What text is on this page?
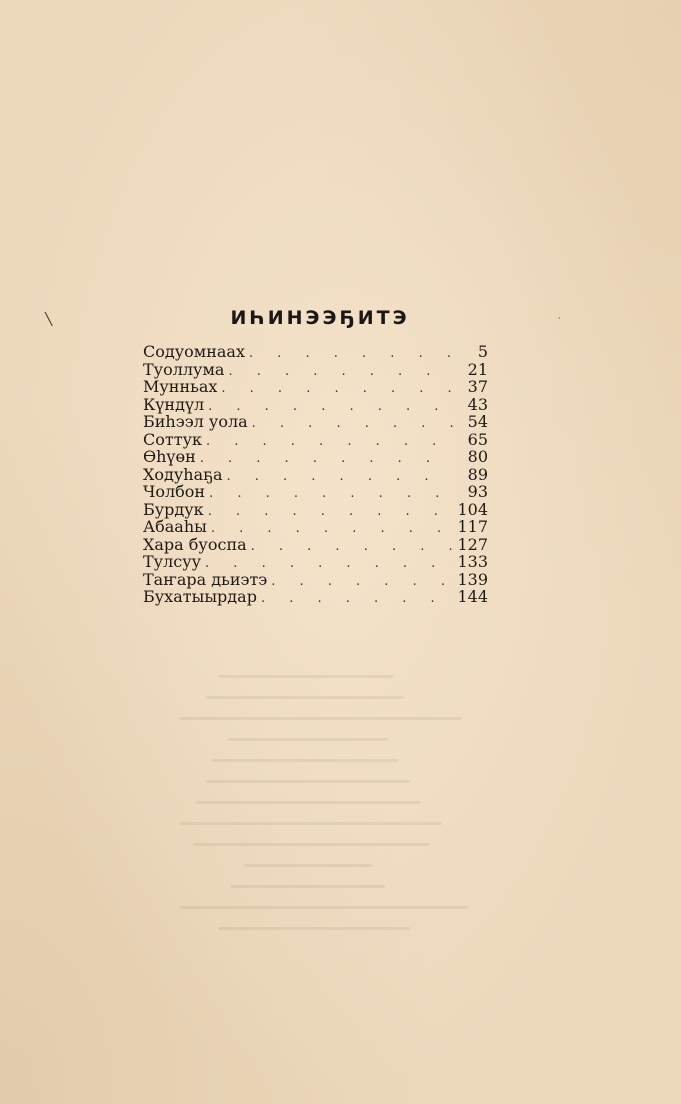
╲	·
ИҺИНЭЭҔИТЭ
Содуомнаах . . .	5
Туоллума . . .	21
Мунньах . . .	37
Күндүл . . .	43
Биһээл уола . . .	54
Соттук . . .	65
Өһүөн . . .	80
Ходуһаҕа . . .	89
Чолбон . . .	93
Бурдук . . .	104
Абааһы . . .	117
Хара буоспа . . .	127
Тулсуу . . .	133
Таҥара дьиэтэ . . .	139
Бухатыырдар . . .	144
